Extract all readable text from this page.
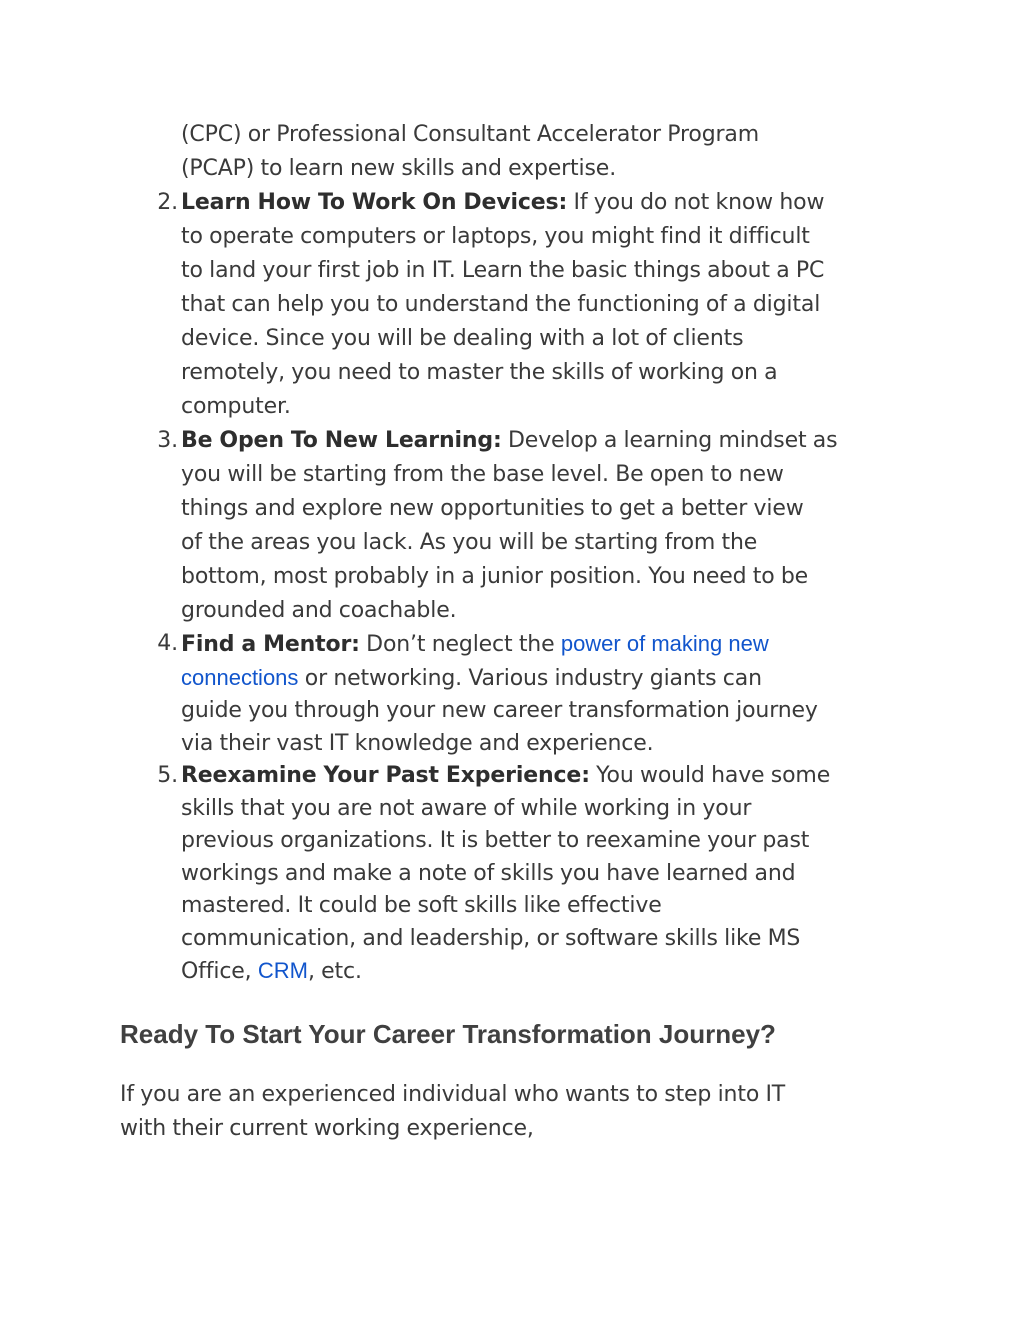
(CPC) or Professional Consultant Accelerator Program
(PCAP) to learn new skills and expertise.
2. Learn How To Work On Devices: If you do not know how
to operate computers or laptops, you might find it difficult
to land your first job in IT. Learn the basic things about a PC
that can help you to understand the functioning of a digital
device. Since you will be dealing with a lot of clients
remotely, you need to master the skills of working on a
computer.
3. Be Open To New Learning: Develop a learning mindset as
you will be starting from the base level. Be open to new
things and explore new opportunities to get a better view
of the areas you lack. As you will be starting from the
bottom, most probably in a junior position. You need to be
grounded and coachable.
4. Find a Mentor: Don’t neglect the power of making new
connections or networking. Various industry giants can
guide you through your new career transformation journey
via their vast IT knowledge and experience.
5. Reexamine Your Past Experience: You would have some
skills that you are not aware of while working in your
previous organizations. It is better to reexamine your past
workings and make a note of skills you have learned and
mastered. It could be soft skills like effective
communication, and leadership, or software skills like MS
Office, CRM, etc.
Ready To Start Your Career Transformation Journey?

If you are an experienced individual who wants to step into IT
with their current working experience,
